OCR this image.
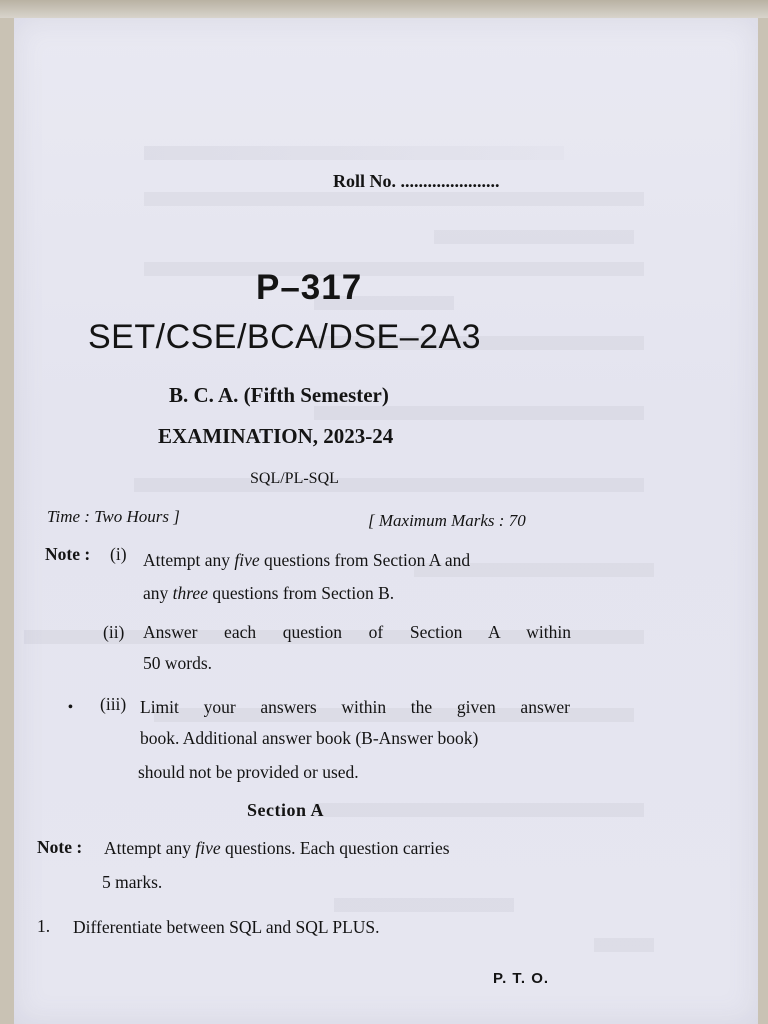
Roll No. ......................
P–317
SET/CSE/BCA/DSE–2A3
B. C. A. (Fifth Semester)
EXAMINATION, 2023-24
SQL/PL-SQL
Time : Two Hours ]	[ Maximum Marks : 70
Note : (i) Attempt any five questions from Section A and
any three questions from Section B.
(ii) Answer each question of Section A within
50 words.
• (iii) Limit your answers within the given answer
book. Additional answer book (B-Answer book)
should not be provided or used.
Section A
Note : Attempt any five questions. Each question carries
5 marks.
1. Differentiate between SQL and SQL PLUS.
P. T. O.
